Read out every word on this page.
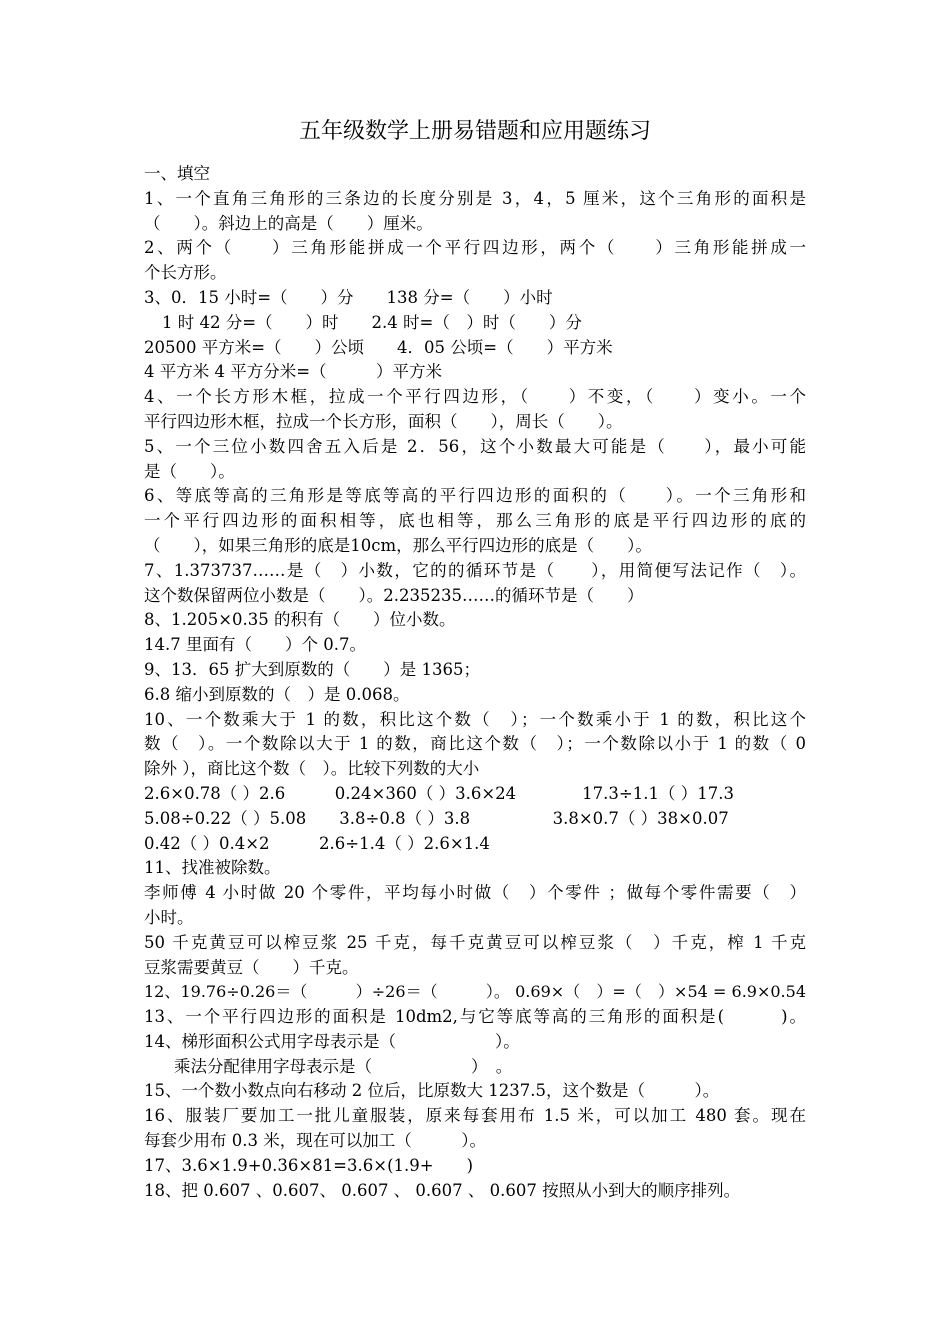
五年级数学上册易错题和应用题练习
一、填空
1、一个直角三角形的三条边的长度分别是 3，4，5 厘米，这个三角形的面积是
（　　）。斜边上的高是（　　）厘米。
2、两个（　　）三角形能拼成一个平行四边形，两个（　　）三角形能拼成一
个长方形。
3、0．15 小时=（　　）分　　138 分=（　　）小时
1 时 42 分=（　　）时　　2.4 时=（　）时（　　）分
20500 平方米=（　　）公顷　　4．05 公顷=（　　）平方米
4 平方米 4 平方分米=（　　　）平方米
4、一个长方形木框，拉成一个平行四边形，（　　）不变，（　　）变小。一个
平行四边形木框，拉成一个长方形，面积（　　），周长（　　）。
5、一个三位小数四舍五入后是 2．56，这个小数最大可能是（　　），最小可能
是（　　）。
6、等底等高的三角形是等底等高的平行四边形的面积的（　　）。一个三角形和
一个平行四边形的面积相等，底也相等，那么三角形的底是平行四边形的底的
（　　），如果三角形的底是10cm，那么平行四边形的底是（　　）。
7、1.373737……是（　）小数，它的的循环节是（　　），用简便写法记作（　）。
这个数保留两位小数是（　　）。2.235235……的循环节是（　　）
8、1.205×0.35 的积有（　　）位小数。
14.7 里面有（　　）个 0.7。
9、13．65 扩大到原数的（　　）是 1365；
6.8 缩小到原数的（　）是 0.068。
10、一个数乘大于 1 的数，积比这个数（　）；一个数乘小于 1 的数，积比这个
数（　）。一个数除以大于 1 的数，商比这个数（　）；一个数除以小于 1 的数（ 0
除外 ），商比这个数（　）。比较下列数的大小
2.6×0.78（ ）2.6　　　0.24×360（ ）3.6×24　　　　17.3÷1.1（ ）17.3
5.08÷0.22（ ）5.08　　3.8÷0.8（ ）3.8　　　　　3.8×0.7（ ）38×0.07
0.42（ ）0.4×2　　　2.6÷1.4（ ）2.6×1.4
11、找准被除数。
李师傅 4 小时做 20 个零件，平均每小时做（　）个零件 ；做每个零件需要（　）
小时。
50 千克黄豆可以榨豆浆 25 千克，每千克黄豆可以榨豆浆（　）千克，榨 1 千克
豆浆需要黄豆（　　）千克。
12、19.76÷0.26＝（　　　）÷26＝（　　　）。 0.69×（　）=（　）×54 = 6.9×0.54
13、一个平行四边形的面积是 10dm2,与它等底等高的三角形的面积是(　　　)。
14、梯形面积公式用字母表示是（　　　　　　）。
乘法分配律用字母表示是（　　　　　　）　。
15、一个数小数点向右移动 2 位后，比原数大 1237.5，这个数是（　　　）。
16、服装厂要加工一批儿童服装，原来每套用布 1.5 米，可以加工 480 套。现在
每套少用布 0.3 米，现在可以加工（　　　）。
17、3.6×1.9+0.36×81=3.6×(1.9+　　)
18、把 0.607 、0.607、 0.607 、 0.607 、 0.607 按照从小到大的顺序排列。
